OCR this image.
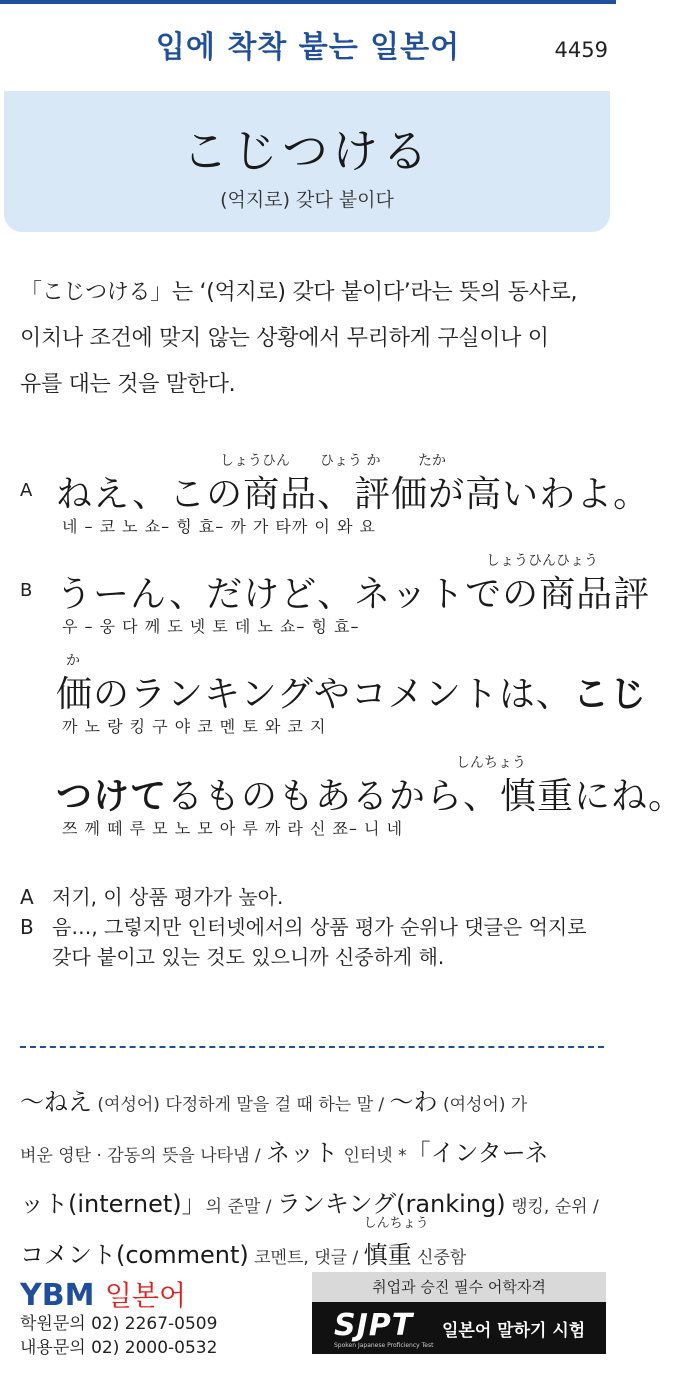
입에 착착 붙는 일본어	4459
こじつける
(억지로) 갖다 붙이다
「こじつける」는 ‘(억지로) 갖다 붙이다’라는 뜻의 동사로,
이치나 조건에 맞지 않는 상황에서 무리하게 구실이나 이
유를 대는 것을 말한다.
A
しょうひん ひょう か	たか
ねえ、この商品、評価が高いわよ。
네 – 코 노 쇼– 힝 효– 까 가 타까 이 와 요
B
しょうひんひょう
うーん、だけど、ネットでの商品評
우 – 웅 다 께 도 넷 토 데 노 쇼– 힝 효–
か
価のランキングやコメントは、こじ
까 노 랑 킹 구 야 코 멘 토 와 코 지
しんちょう
つけてるものもあるから、慎重にね。
쯔 께 떼 루 모 노 모 아 루 까 라 신 쬬– 니 네
A 저기, 이 상품 평가가 높아.
B 음…, 그렇지만 인터넷에서의 상품 평가 순위나 댓글은 억지로 갖다 붙이고 있는 것도 있으니까 신중하게 해.
〜ねえ (여성어) 다정하게 말을 걸 때 하는 말 / 〜わ (여성어) 가
벼운 영탄 · 감동의 뜻을 나타냄 / ネット 인터넷 *「インターネ
ット(internet)」의 준말 / ランキング(ranking) 랭킹, 순위 /
コメント(comment) 코멘트, 댓글 /
しんちょう
慎重 신중함
YBM 일본어
학원문의 02) 2267-0509
내용문의 02) 2000-0532
취업과 승진 필수 어학자격
SJPT
Spoken Japanese Proficiency Test
일본어 말하기 시험
